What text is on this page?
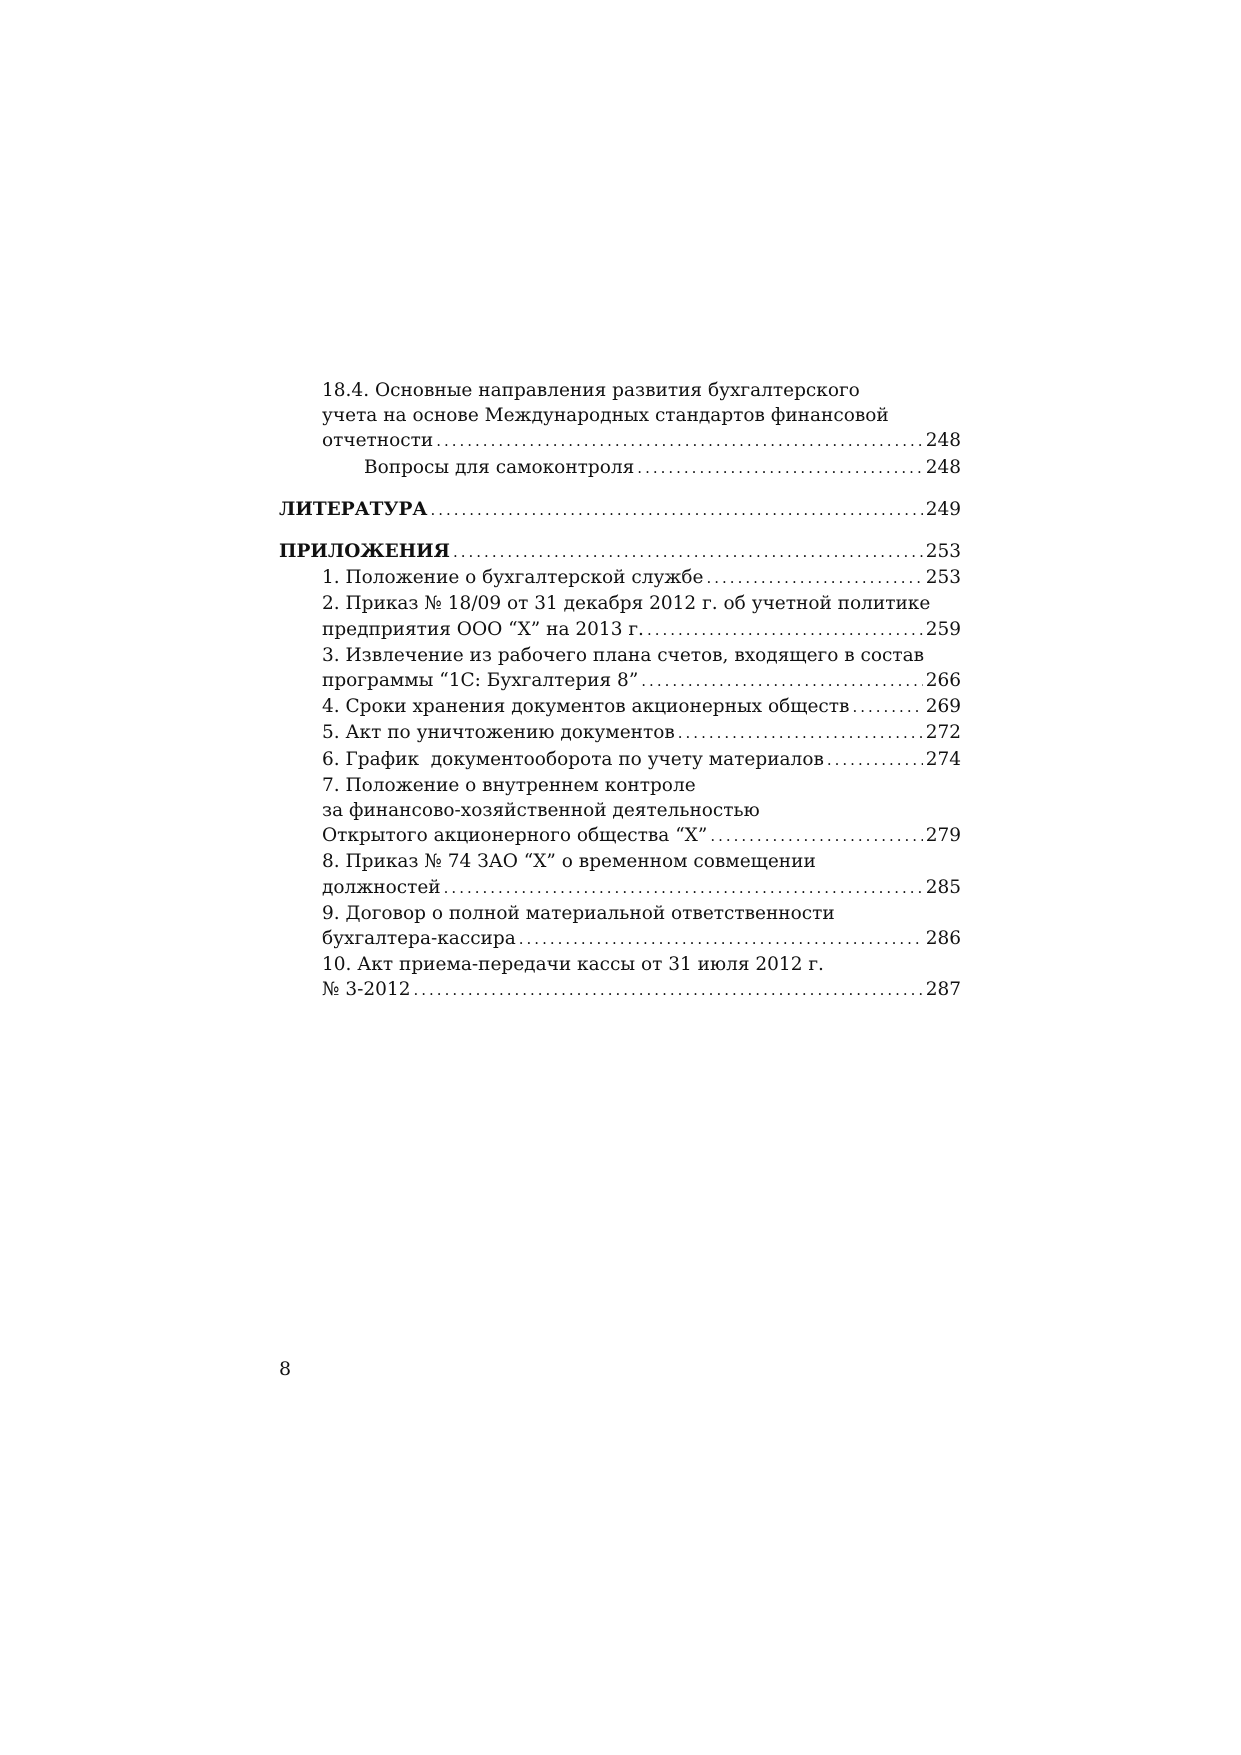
18.4. Основные направления развития бухгалтерского
учета на основе Международных стандартов финансовой
отчетности .....	248
Вопросы для самоконтроля .....	248
ЛИТЕРАТУРА .....	249
ПРИЛОЖЕНИЯ .....	253
1. Положение о бухгалтерской службе .....	253
2. Приказ № 18/09 от 31 декабря 2012 г. об учетной политике
предприятия ООО “X” на 2013 г. .....	259
3. Извлечение из рабочего плана счетов, входящего в состав
программы “1С: Бухгалтерия 8” .....	266
4. Сроки хранения документов акционерных обществ .....	269
5. Акт по уничтожению документов .....	272
6. График  документооборота по учету материалов .....	274
7. Положение о внутреннем контроле
за финансово-хозяйственной деятельностью
Открытого акционерного общества “X” .....	279
8. Приказ № 74 ЗАО “X” о временном совмещении
должностей .....	285
9. Договор о полной материальной ответственности
бухгалтера-кассира .....	286
10. Акт приема-передачи кассы от 31 июля 2012 г.
№ 3-2012 .....	287
8
